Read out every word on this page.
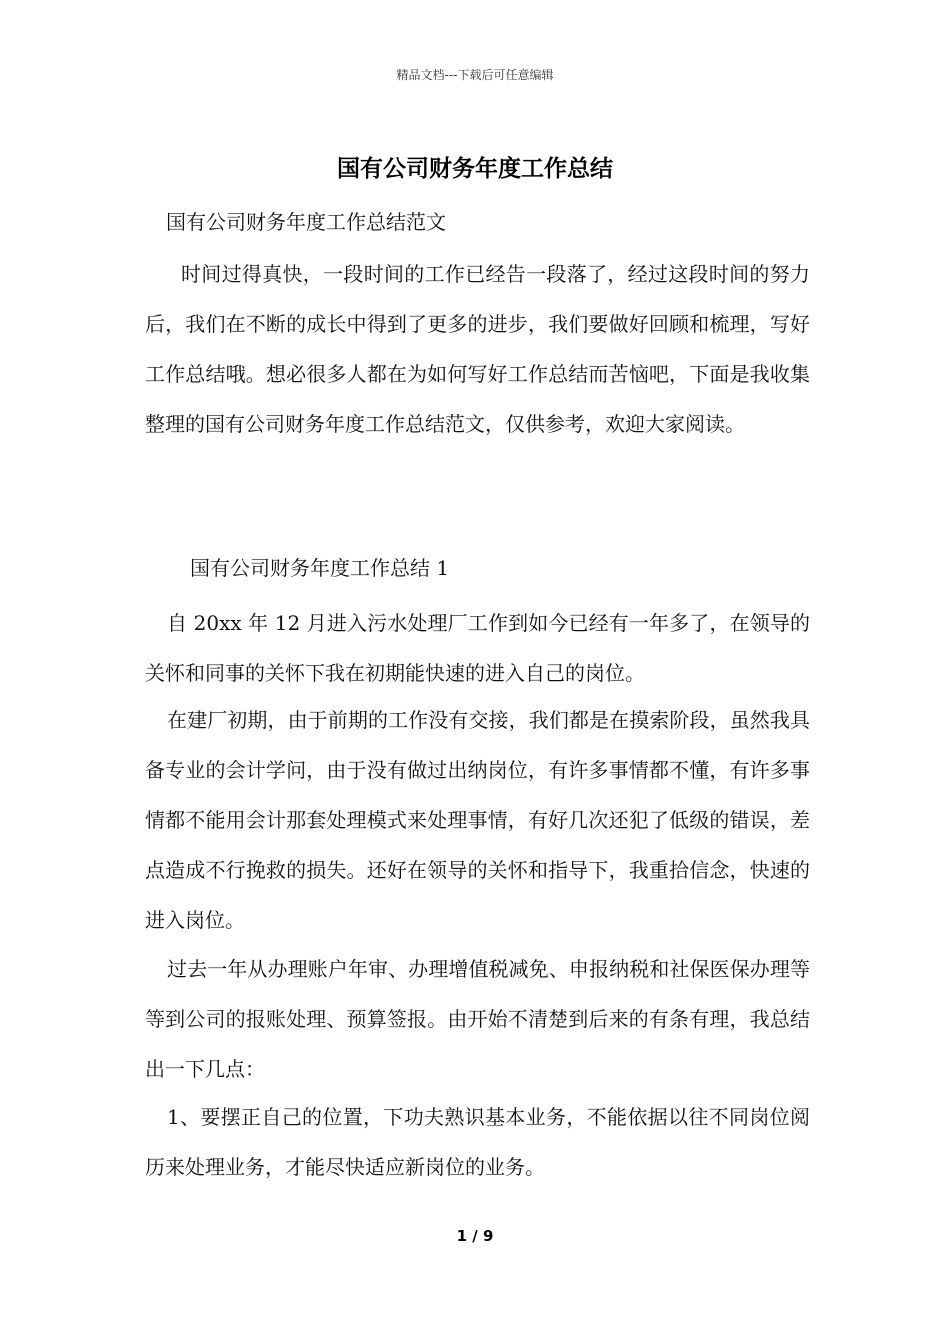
精品文档---下载后可任意编辑
国有公司财务年度工作总结

国有公司财务年度工作总结范文

时间过得真快，一段时间的工作已经告一段落了，经过这段时间的努力后，我们在不断的成长中得到了更多的进步，我们要做好回顾和梳理，写好工作总结哦。想必很多人都在为如何写好工作总结而苦恼吧，下面是我收集整理的国有公司财务年度工作总结范文，仅供参考，欢迎大家阅读。

国有公司财务年度工作总结 1

自 20xx 年 12 月进入污水处理厂工作到如今已经有一年多了，在领导的关怀和同事的关怀下我在初期能快速的进入自己的岗位。

在建厂初期，由于前期的工作没有交接，我们都是在摸索阶段，虽然我具备专业的会计学问，由于没有做过出纳岗位，有许多事情都不懂，有许多事情都不能用会计那套处理模式来处理事情，有好几次还犯了低级的错误，差点造成不行挽救的损失。还好在领导的关怀和指导下，我重拾信念，快速的进入岗位。

过去一年从办理账户年审、办理增值税减免、申报纳税和社保医保办理等等到公司的报账处理、预算签报。由开始不清楚到后来的有条有理，我总结出一下几点：

1、要摆正自己的位置，下功夫熟识基本业务，不能依据以往不同岗位阅历来处理业务，才能尽快适应新岗位的业务。

1 / 9
